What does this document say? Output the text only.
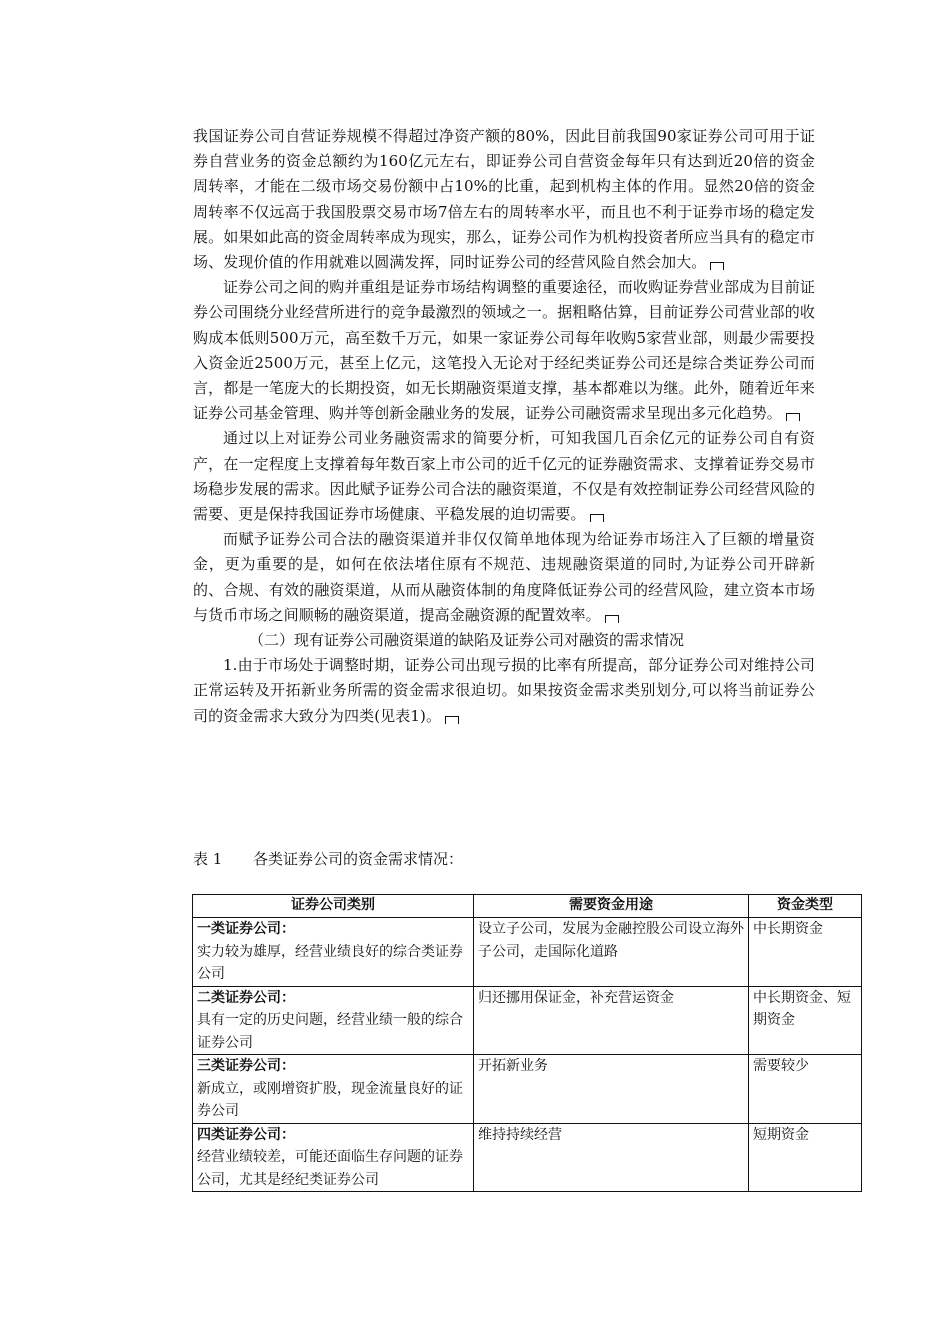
我国证券公司自营证券规模不得超过净资产额的80%，因此目前我国90家证券公司可用于证券自营业务的资金总额约为160亿元左右，即证券公司自营资金每年只有达到近20倍的资金周转率，才能在二级市场交易份额中占10%的比重，起到机构主体的作用。显然20倍的资金周转率不仅远高于我国股票交易市场7倍左右的周转率水平，而且也不利于证券市场的稳定发展。如果如此高的资金周转率成为现实，那么，证券公司作为机构投资者所应当具有的稳定市场、发现价值的作用就难以圆满发挥，同时证券公司的经营风险自然会加大。

证券公司之间的购并重组是证券市场结构调整的重要途径，而收购证券营业部成为目前证券公司围绕分业经营所进行的竞争最激烈的领域之一。据粗略估算，目前证券公司营业部的收购成本低则500万元，高至数千万元，如果一家证券公司每年收购5家营业部，则最少需要投入资金近2500万元，甚至上亿元，这笔投入无论对于经纪类证券公司还是综合类证券公司而言，都是一笔庞大的长期投资，如无长期融资渠道支撑，基本都难以为继。此外，随着近年来证券公司基金管理、购并等创新金融业务的发展，证券公司融资需求呈现出多元化趋势。

通过以上对证券公司业务融资需求的简要分析，可知我国几百余亿元的证券公司自有资产，在一定程度上支撑着每年数百家上市公司的近千亿元的证券融资需求、支撑着证券交易市场稳步发展的需求。因此赋予证券公司合法的融资渠道，不仅是有效控制证券公司经营风险的需要、更是保持我国证券市场健康、平稳发展的迫切需要。

而赋予证券公司合法的融资渠道并非仅仅简单地体现为给证券市场注入了巨额的增量资金，更为重要的是，如何在依法堵住原有不规范、违规融资渠道的同时,为证券公司开辟新的、合规、有效的融资渠道，从而从融资体制的角度降低证券公司的经营风险，建立资本市场与货币市场之间顺畅的融资渠道，提高金融资源的配置效率。

（二）现有证券公司融资渠道的缺陷及证券公司对融资的需求情况

1.由于市场处于调整时期，证券公司出现亏损的比率有所提高，部分证券公司对维持公司正常运转及开拓新业务所需的资金需求很迫切。如果按资金需求类别划分,可以将当前证券公司的资金需求大致分为四类(见表1)。

表 1 各类证券公司的资金需求情况：
证券公司类别	需要资金用途	资金类型

一类证券公司：
实力较为雄厚，经营业绩良好的综合类证券公司	设立子公司，发展为金融控股公司设立海外子公司，走国际化道路	中长期资金

二类证券公司：
具有一定的历史问题，经营业绩一般的综合证券公司	归还挪用保证金，补充营运资金	中长期资金、短期资金

三类证券公司：
新成立，或刚增资扩股，现金流量良好的证券公司	开拓新业务	需要较少

四类证券公司：
经营业绩较差，可能还面临生存问题的证券公司，尤其是经纪类证券公司	维持持续经营	短期资金
